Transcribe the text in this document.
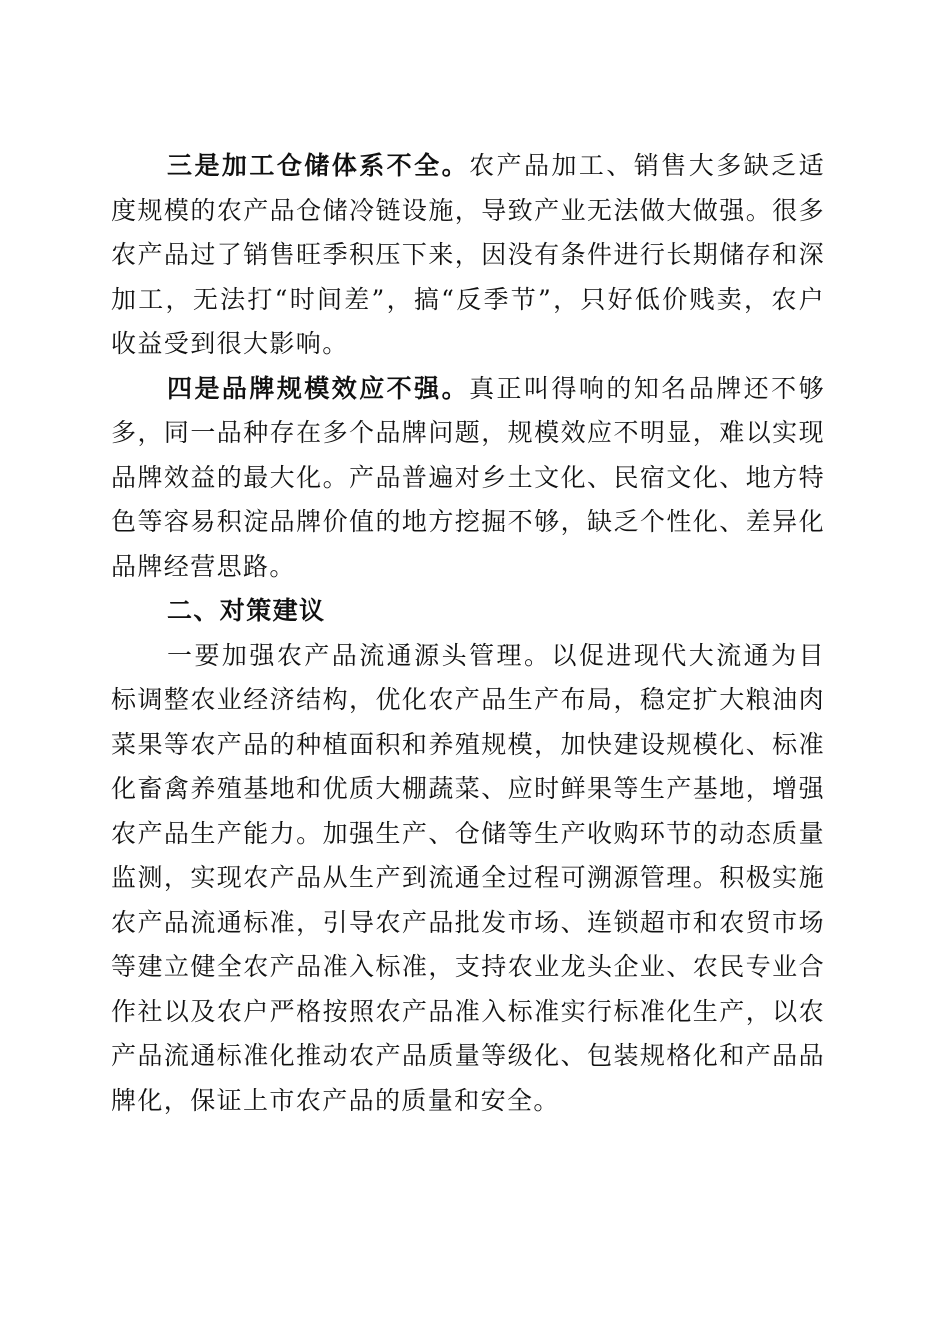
三是加工仓储体系不全。农产品加工、销售大多缺乏适度规模的农产品仓储冷链设施，导致产业无法做大做强。很多农产品过了销售旺季积压下来，因没有条件进行长期储存和深加工，无法打“时间差”，搞“反季节”，只好低价贱卖，农户收益受到很大影响。

四是品牌规模效应不强。真正叫得响的知名品牌还不够多，同一品种存在多个品牌问题，规模效应不明显，难以实现品牌效益的最大化。产品普遍对乡土文化、民宿文化、地方特色等容易积淀品牌价值的地方挖掘不够，缺乏个性化、差异化品牌经营思路。

二、对策建议

一要加强农产品流通源头管理。以促进现代大流通为目标调整农业经济结构，优化农产品生产布局，稳定扩大粮油肉菜果等农产品的种植面积和养殖规模，加快建设规模化、标准化畜禽养殖基地和优质大棚蔬菜、应时鲜果等生产基地，增强农产品生产能力。加强生产、仓储等生产收购环节的动态质量监测，实现农产品从生产到流通全过程可溯源管理。积极实施农产品流通标准，引导农产品批发市场、连锁超市和农贸市场等建立健全农产品准入标准，支持农业龙头企业、农民专业合作社以及农户严格按照农产品准入标准实行标准化生产，以农产品流通标准化推动农产品质量等级化、包装规格化和产品品牌化，保证上市农产品的质量和安全。
